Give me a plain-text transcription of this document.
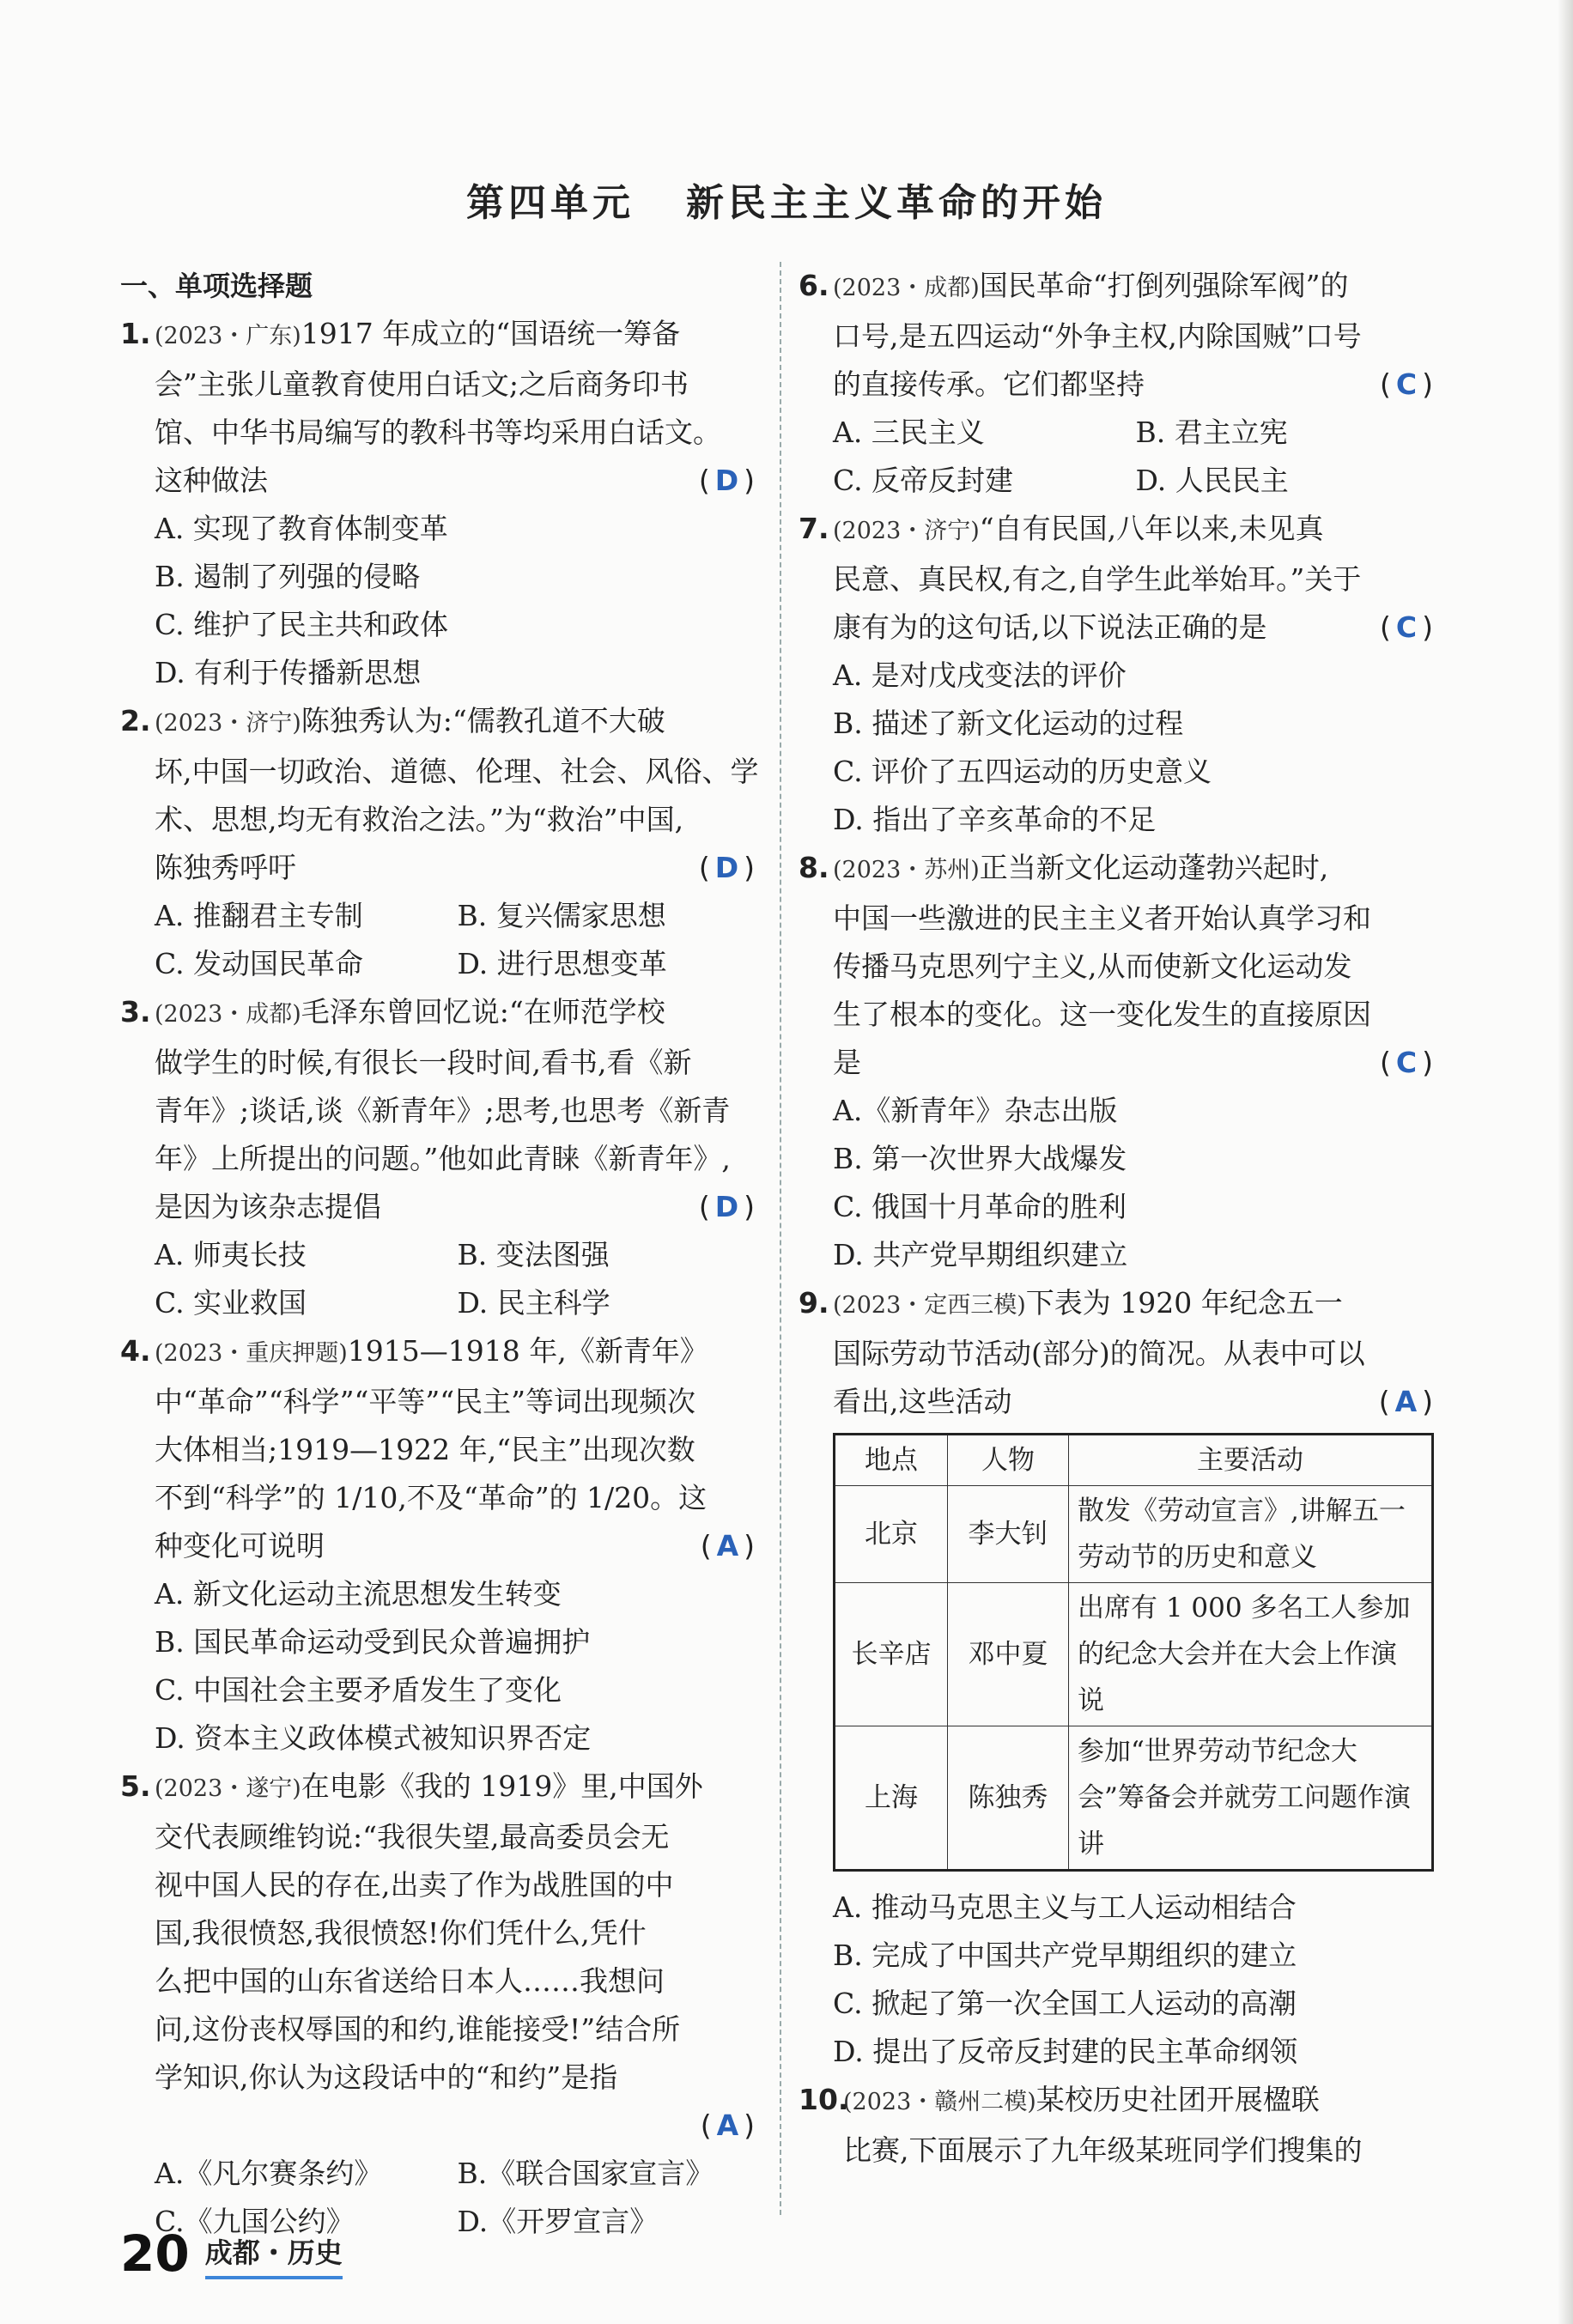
第四单元 新民主主义革命的开始
一、单项选择题
1. (2023・广东)1917 年成立的“国语统一筹备
会”主张儿童教育使用白话文;之后商务印书
馆、中华书局编写的教科书等均采用白话文。
这种做法	(D)
A. 实现了教育体制变革
B. 遏制了列强的侵略
C. 维护了民主共和政体
D. 有利于传播新思想
2. (2023・济宁)陈独秀认为:“儒教孔道不大破
坏,中国一切政治、道德、伦理、社会、风俗、学
术、思想,均无有救治之法。”为“救治”中国,
陈独秀呼吁	(D)
A. 推翻君主专制	B. 复兴儒家思想
C. 发动国民革命	D. 进行思想变革
3. (2023・成都)毛泽东曾回忆说:“在师范学校
做学生的时候,有很长一段时间,看书,看《新
青年》;谈话,谈《新青年》;思考,也思考《新青
年》上所提出的问题。”他如此青睐《新青年》,
是因为该杂志提倡	(D)
A. 师夷长技	B. 变法图强
C. 实业救国	D. 民主科学
4. (2023・重庆押题)1915—1918 年,《新青年》
中“革命”“科学”“平等”“民主”等词出现频次
大体相当;1919—1922 年,“民主”出现次数
不到“科学”的 1/10,不及“革命”的 1/20。这
种变化可说明	(A)
A. 新文化运动主流思想发生转变
B. 国民革命运动受到民众普遍拥护
C. 中国社会主要矛盾发生了变化
D. 资本主义政体模式被知识界否定
5. (2023・遂宁)在电影《我的 1919》里,中国外
交代表顾维钧说:“我很失望,最高委员会无
视中国人民的存在,出卖了作为战胜国的中
国,我很愤怒,我很愤怒!你们凭什么,凭什
么把中国的山东省送给日本人……我想问
问,这份丧权辱国的和约,谁能接受!”结合所
学知识,你认为这段话中的“和约”是指
(A)
A.《凡尔赛条约》	B.《联合国家宣言》
C.《九国公约》	D.《开罗宣言》
6. (2023・成都)国民革命“打倒列强除军阀”的
口号,是五四运动“外争主权,内除国贼”口号
的直接传承。它们都坚持	(C)
A. 三民主义	B. 君主立宪
C. 反帝反封建	D. 人民民主
7. (2023・济宁)“自有民国,八年以来,未见真
民意、真民权,有之,自学生此举始耳。”关于
康有为的这句话,以下说法正确的是	(C)
A. 是对戊戌变法的评价
B. 描述了新文化运动的过程
C. 评价了五四运动的历史意义
D. 指出了辛亥革命的不足
8. (2023・苏州)正当新文化运动蓬勃兴起时,
中国一些激进的民主主义者开始认真学习和
传播马克思列宁主义,从而使新文化运动发
生了根本的变化。这一变化发生的直接原因
是	(C)
A.《新青年》杂志出版
B. 第一次世界大战爆发
C. 俄国十月革命的胜利
D. 共产党早期组织建立
9. (2023・定西三模)下表为 1920 年纪念五一
国际劳动节活动(部分)的简况。从表中可以
看出,这些活动	(A)
地点	人物	主要活动
北京	李大钊	散发《劳动宣言》,讲解五一劳动节的历史和意义
长辛店	邓中夏	出席有 1 000 多名工人参加的纪念大会并在大会上作演说
上海	陈独秀	参加“世界劳动节纪念大会”筹备会并就劳工问题作演讲
A. 推动马克思主义与工人运动相结合
B. 完成了中国共产党早期组织的建立
C. 掀起了第一次全国工人运动的高潮
D. 提出了反帝反封建的民主革命纲领
10.
(2023・赣州二模)某校历史社团开展楹联
比赛,下面展示了九年级某班同学们搜集的
20 成都・历史
